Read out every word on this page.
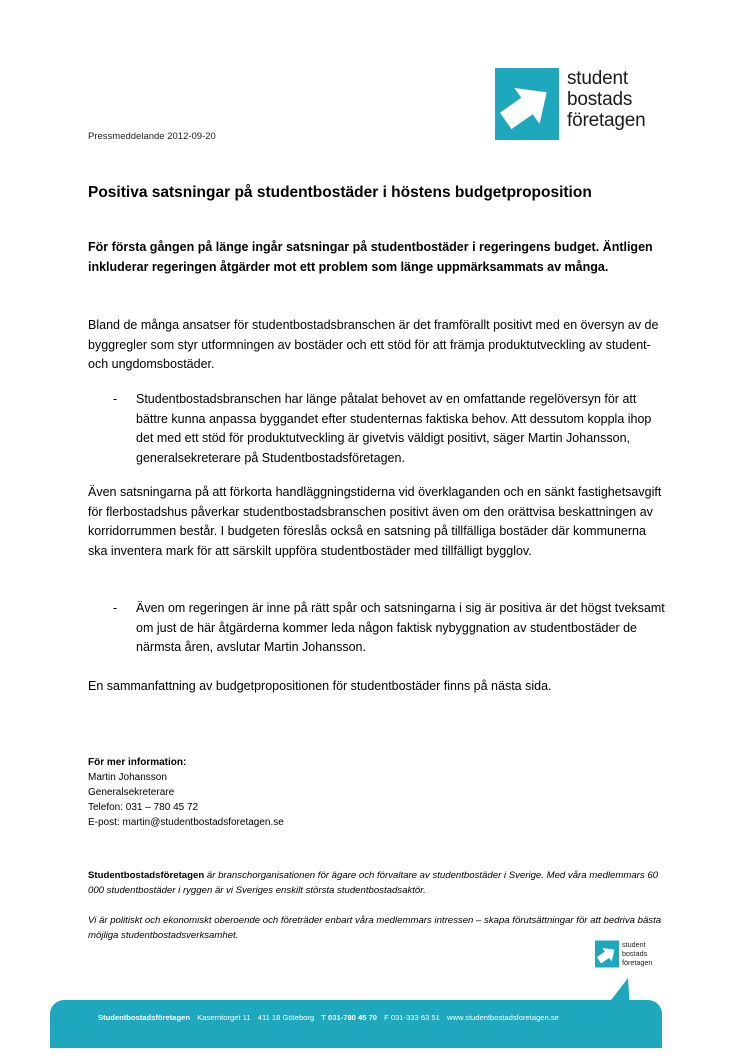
student
bostads
företagen
Pressmeddelande 2012-09-20
Positiva satsningar på studentbostäder i höstens budgetproposition
För första gången på länge ingår satsningar på studentbostäder i regeringens budget. Äntligen inkluderar regeringen åtgärder mot ett problem som länge uppmärksammats av många.
Bland de många ansatser för studentbostadsbranschen är det framförallt positivt med en översyn av de byggregler som styr utformningen av bostäder och ett stöd för att främja produktutveckling av student- och ungdomsbostäder.
- Studentbostadsbranschen har länge påtalat behovet av en omfattande regelöversyn för att bättre kunna anpassa byggandet efter studenternas faktiska behov. Att dessutom koppla ihop det med ett stöd för produktutveckling är givetvis väldigt positivt, säger Martin Johansson, generalsekreterare på Studentbostadsföretagen.
Även satsningarna på att förkorta handläggningstiderna vid överklaganden och en sänkt fastighetsavgift för flerbostadshus påverkar studentbostadsbranschen positivt även om den orättvisa beskattningen av korridorrummen består. I budgeten föreslås också en satsning på tillfälliga bostäder där kommunerna ska inventera mark för att särskilt uppföra studentbostäder med tillfälligt bygglov.
- Även om regeringen är inne på rätt spår och satsningarna i sig är positiva är det högst tveksamt om just de här åtgärderna kommer leda någon faktisk nybyggnation av studentbostäder de närmsta åren, avslutar Martin Johansson.
En sammanfattning av budgetpropositionen för studentbostäder finns på nästa sida.
För mer information:
Martin Johansson
Generalsekreterare
Telefon: 031 – 780 45 72
E-post: martin@studentbostadsforetagen.se
Studentbostadsföretagen är branschorganisationen för ägare och förvaltare av studentbostäder i Sverige. Med våra medlemmars 60 000 studentbostäder i ryggen är vi Sveriges enskilt största studentbostadsaktör.
Vi är politiskt och ekonomiskt oberoende och företräder enbart våra medlemmars intressen – skapa förutsättningar för att bedriva bästa möjliga studentbostadsverksamhet.
student
bostads
företagen
Studentbostadsföretagen Kaserntorget 11 411 18 Göteborg T 031-780 45 70 F 031-333 63 51 www.studentbostadsforetagen.se
